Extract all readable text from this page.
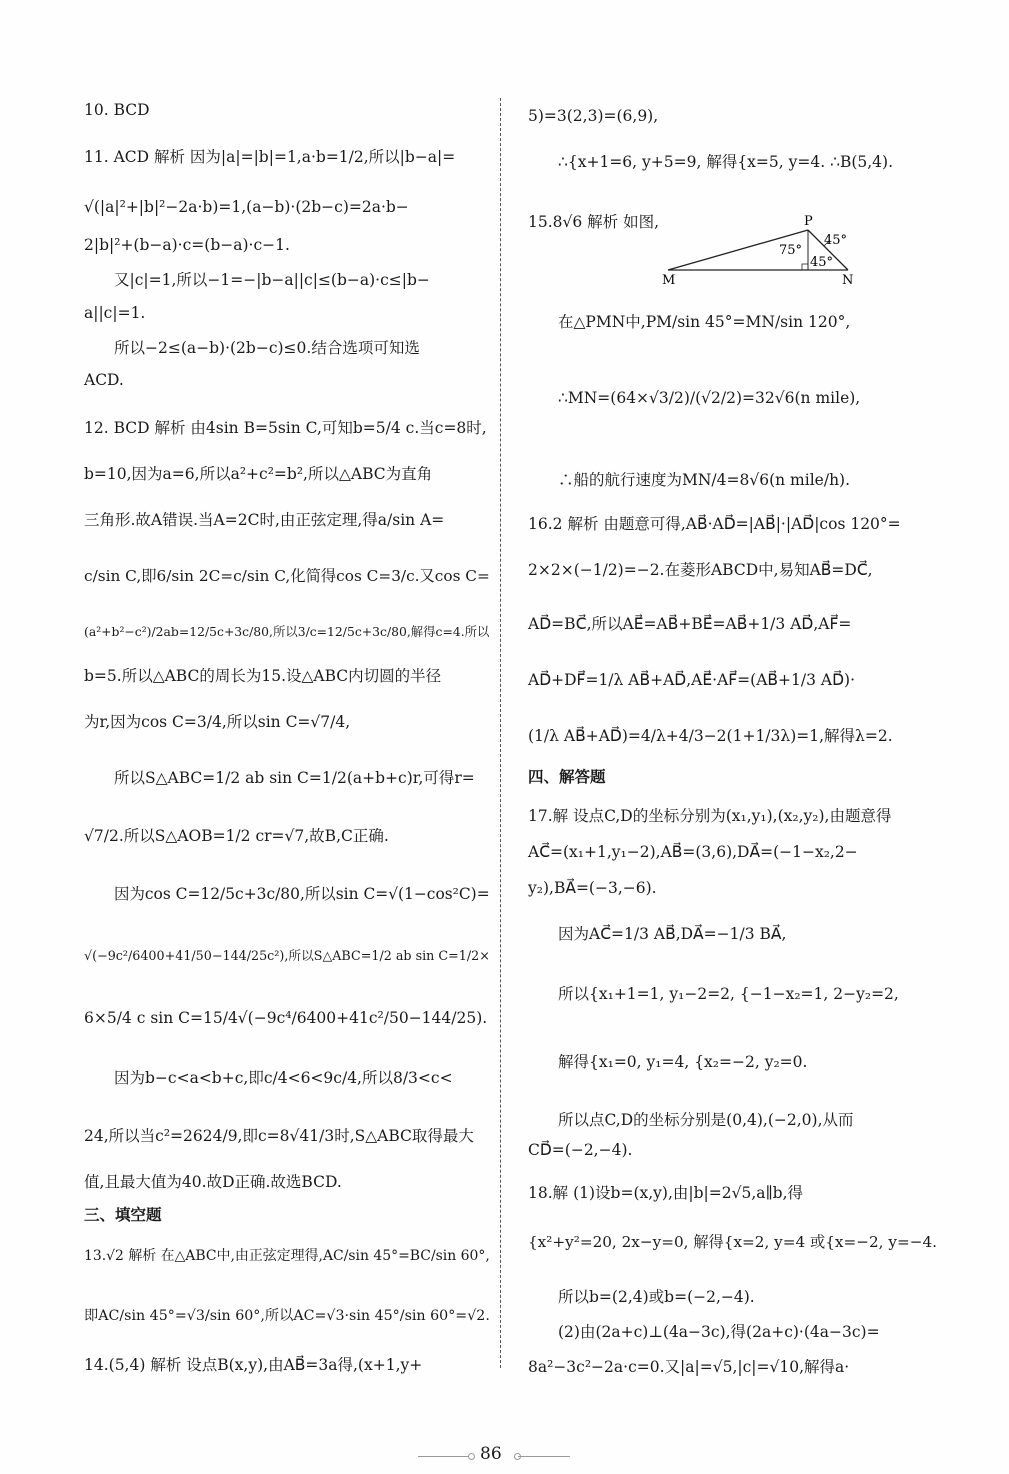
10. BCD
11. ACD 解析 因为|a|=|b|=1,a·b=1/2,所以|b−a|=
√(|a|²+|b|²−2a·b)=1,(a−b)·(2b−c)=2a·b−
2|b|²+(b−a)·c=(b−a)·c−1.
又|c|=1,所以−1=−|b−a||c|≤(b−a)·c≤|b−
a||c|=1.
所以−2≤(a−b)·(2b−c)≤0.结合选项可知选
ACD.
12. BCD 解析 由4sin B=5sin C,可知b=5/4 c.当c=8时,
b=10,因为a=6,所以a²+c²=b²,所以△ABC为直角
三角形.故A错误.当A=2C时,由正弦定理,得a/sin A=
c/sin C,即6/sin 2C=c/sin C,化简得cos C=3/c.又cos C=
(a²+b²−c²)/2ab=12/5c+3c/80,所以3/c=12/5c+3c/80,解得c=4.所以
b=5.所以△ABC的周长为15.设△ABC内切圆的半径
为r,因为cos C=3/4,所以sin C=√7/4,
所以S△ABC=1/2 ab sin C=1/2(a+b+c)r,可得r=
√7/2.所以S△AOB=1/2 cr=√7,故B,C正确.
因为cos C=12/5c+3c/80,所以sin C=√(1−cos²C)=
√(−9c²/6400+41/50−144/25c²),所以S△ABC=1/2 ab sin C=1/2×
6×5/4 c sin C=15/4√(−9c⁴/6400+41c²/50−144/25).
因为b−c<a<b+c,即c/4<6<9c/4,所以8/3<c<
24,所以当c²=2624/9,即c=8√41/3时,S△ABC取得最大
值,且最大值为40.故D正确.故选BCD.
三、填空题
13.√2 解析 在△ABC中,由正弦定理得,AC/sin 45°=BC/sin 60°,
即AC/sin 45°=√3/sin 60°,所以AC=√3·sin 45°/sin 60°=√2.
14.(5,4) 解析 设点B(x,y),由AB⃗=3a得,(x+1,y+
5)=3(2,3)=(6,9),
∴{x+1=6, y+5=9, 解得{x=5, y=4. ∴B(5,4).
15.8√6 解析 如图,
在△PMN中,PM/sin 45°=MN/sin 120°,
∴MN=(64×√3/2)/(√2/2)=32√6(n mile),
∴船的航行速度为MN/4=8√6(n mile/h).
16.2 解析 由题意可得,AB⃗·AD⃗=|AB⃗|·|AD⃗|cos 120°=
2×2×(−1/2)=−2.在菱形ABCD中,易知AB⃗=DC⃗,
AD⃗=BC⃗,所以AE⃗=AB⃗+BE⃗=AB⃗+1/3 AD⃗,AF⃗=
AD⃗+DF⃗=1/λ AB⃗+AD⃗,AE⃗·AF⃗=(AB⃗+1/3 AD⃗)·
(1/λ AB⃗+AD⃗)=4/λ+4/3−2(1+1/3λ)=1,解得λ=2.
四、解答题
17.解 设点C,D的坐标分别为(x₁,y₁),(x₂,y₂),由题意得
AC⃗=(x₁+1,y₁−2),AB⃗=(3,6),DA⃗=(−1−x₂,2−
y₂),BA⃗=(−3,−6).
因为AC⃗=1/3 AB⃗,DA⃗=−1/3 BA⃗,
所以{x₁+1=1, y₁−2=2, {−1−x₂=1, 2−y₂=2,
解得{x₁=0, y₁=4, {x₂=−2, y₂=0.
所以点C,D的坐标分别是(0,4),(−2,0),从而
CD⃗=(−2,−4).
18.解 (1)设b=(x,y),由|b|=2√5,a∥b,得
{x²+y²=20, 2x−y=0, 解得{x=2, y=4 或{x=−2, y=−4.
所以b=(2,4)或b=(−2,−4).
(2)由(2a+c)⊥(4a−3c),得(2a+c)·(4a−3c)=
8a²−3c²−2a·c=0.又|a|=√5,|c|=√10,解得a·
P
M	N
75°
45°
45°
86
